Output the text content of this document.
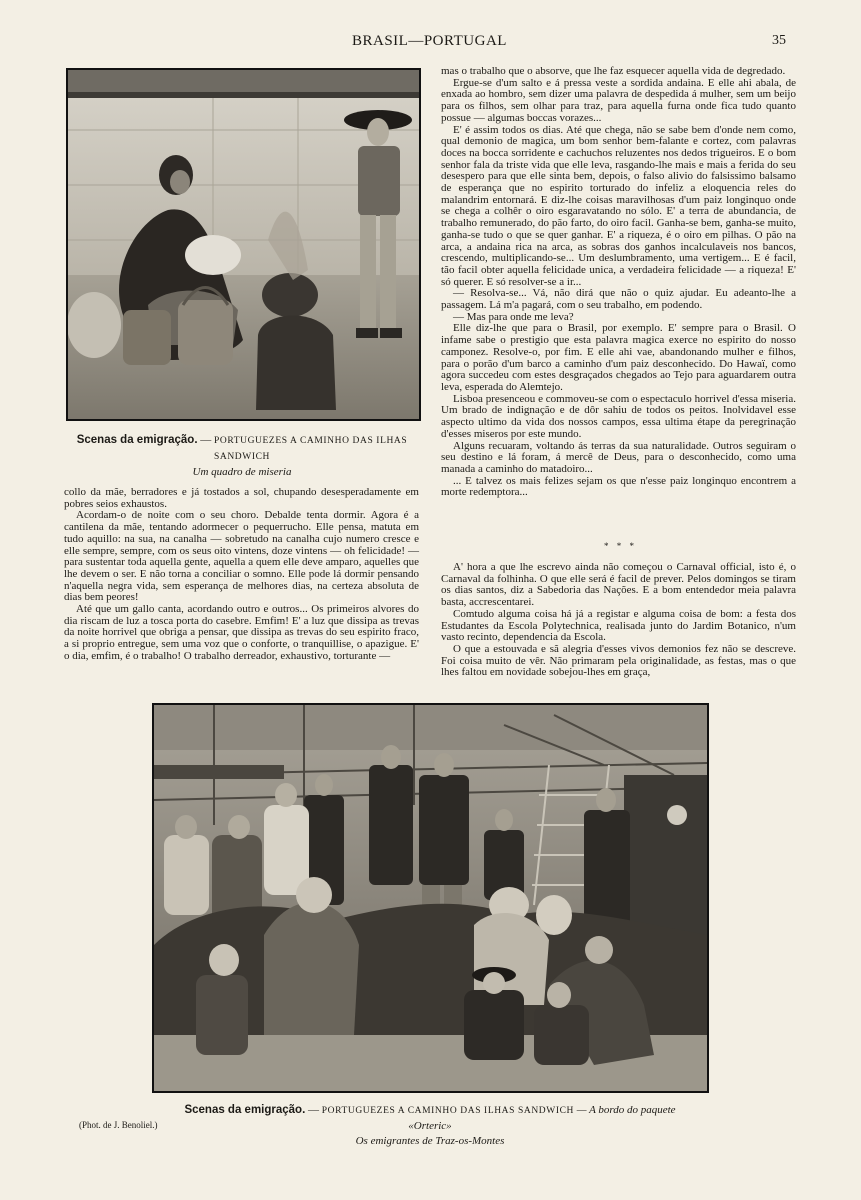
BRASIL—PORTUGAL	35
Scenas da emigração. — PORTUGUEZES A CAMINHO DAS ILHAS SANDWICH
Um quadro de miseria

collo da mãe, berradores e já tostados a sol, chupando desesperadamente em pobres seios exhaustos.

Acordam-o de noite com o seu choro. Debalde tenta dormir. Agora é a cantilena da mãe, tentando adormecer o pequerrucho. Elle pensa, matuta em tudo aquillo: na sua, na canalha — sobretudo na canalha cujo numero cresce e elle sempre, sempre, com os seus oito vintens, doze vintens — oh felicidade! — para sustentar toda aquella gente, aquella a quem elle deve amparo, aquelles que lhe devem o ser. E não torna a conciliar o somno. Elle pode lá dormir pensando n'aquella negra vida, sem esperança de melhores dias, na certeza absoluta de dias bem peores!

Até que um gallo canta, acordando outro e outros... Os primeiros alvores do dia riscam de luz a tosca porta do casebre. Emfim! E' a luz que dissipa as trevas da noite horrivel que obriga a pensar, que dissipa as trevas do seu espirito fraco, a si proprio entregue, sem uma voz que o conforte, o tranquillise, o apazigue. E' o dia, emfim, é o trabalho! O trabalho derreador, exhaustivo, torturante —

mas o trabalho que o absorve, que lhe faz esquecer aquella vida de degredado.

Ergue-se d'um salto e á pressa veste a sordida andaina. E elle ahi abala, de enxada ao hombro, sem dizer uma palavra de despedida á mulher, sem um beijo para os filhos, sem olhar para traz, para aquella furna onde fica tudo quanto possue — algumas boccas vorazes...

E' é assim todos os dias. Até que chega, não se sabe bem d'onde nem como, qual demonio de magica, um bom senhor bem-falante e cortez, com palavras doces na bocca sorridente e cachuchos reluzentes nos dedos trigueiros. E o bom senhor fala da triste vida que elle leva, rasgando-lhe mais e mais a ferida do seu desespero para que elle sinta bem, depois, o falso alivio do falsissimo balsamo de esperança que no espirito torturado do infeliz a eloquencia reles do malandrim entornará. E diz-lhe coisas maravilhosas d'um paiz longinquo onde se chega a colhêr o oiro esgaravatando no sólo. E' a terra de abundancia, de trabalho remunerado, do pão farto, do oiro facil. Ganha-se bem, ganha-se muito, ganha-se tudo o que se quer ganhar. E' a riqueza, é o oiro em pilhas. O pão na arca, a andaina rica na arca, as sobras dos ganhos incalculaveis nos bancos, crescendo, multiplicando-se... Um deslumbramento, uma vertigem... E é facil, tão facil obter aquella felicidade unica, a verdadeira felicidade — a riqueza! E' só querer. E só resolver-se a ir...

— Resolva-se... Vá, não dirá que não o quiz ajudar. Eu adeanto-lhe a passagem. Lá m'a pagará, com o seu trabalho, em podendo.

— Mas para onde me leva?

Elle diz-lhe que para o Brasil, por exemplo. E' sempre para o Brasil. O infame sabe o prestigio que esta palavra magica exerce no espirito do nosso camponez. Resolve-o, por fim. E elle ahi vae, abandonando mulher e filhos, para o porão d'um barco a caminho d'um paiz desconhecido. Do Hawaï, como agora succedeu com estes desgraçados chegados ao Tejo para aguardarem outra leva, esperada do Alemtejo.

Lisboa presenceou e commoveu-se com o espectaculo horrivel d'essa miseria. Um brado de indignação e de dôr sahiu de todos os peitos. Inolvidavel esse aspecto ultimo da vida dos nossos campos, essa ultima étape da peregrinação d'esses miseros por este mundo.

Alguns recuaram, voltando ás terras da sua naturalidade. Outros seguiram o seu destino e lá foram, á mercê de Deus, para o desconhecido, como uma manada a caminho do matadoiro...

... E talvez os mais felizes sejam os que n'esse paiz longinquo encontrem a morte redemptora...

* * *

A' hora a que lhe escrevo ainda não começou o Carnaval official, isto é, o Carnaval da folhinha. O que elle será é facil de prever. Pelos domingos se tiram os dias santos, diz a Sabedoria das Nações. E a bom entendedor meia palavra basta, accrescentarei.

Comtudo alguma coisa há já a registar e alguma coisa de bom: a festa dos Estudantes da Escola Polytechnica, realisada junto do Jardim Botanico, n'um vasto recinto, dependencia da Escola.

O que a estouvada e sã alegria d'esses vivos demonios fez não se descreve. Foi coisa muito de vêr. Não primaram pela originalidade, as festas, mas o que lhes faltou em novidade sobejou-lhes em graça,

Scenas da emigração. — PORTUGUEZES A CAMINHO DAS ILHAS SANDWICH — A bordo do paquete «Orteric»
Os emigrantes de Traz-os-Montes
(Phot. de J. Benoliel.)
